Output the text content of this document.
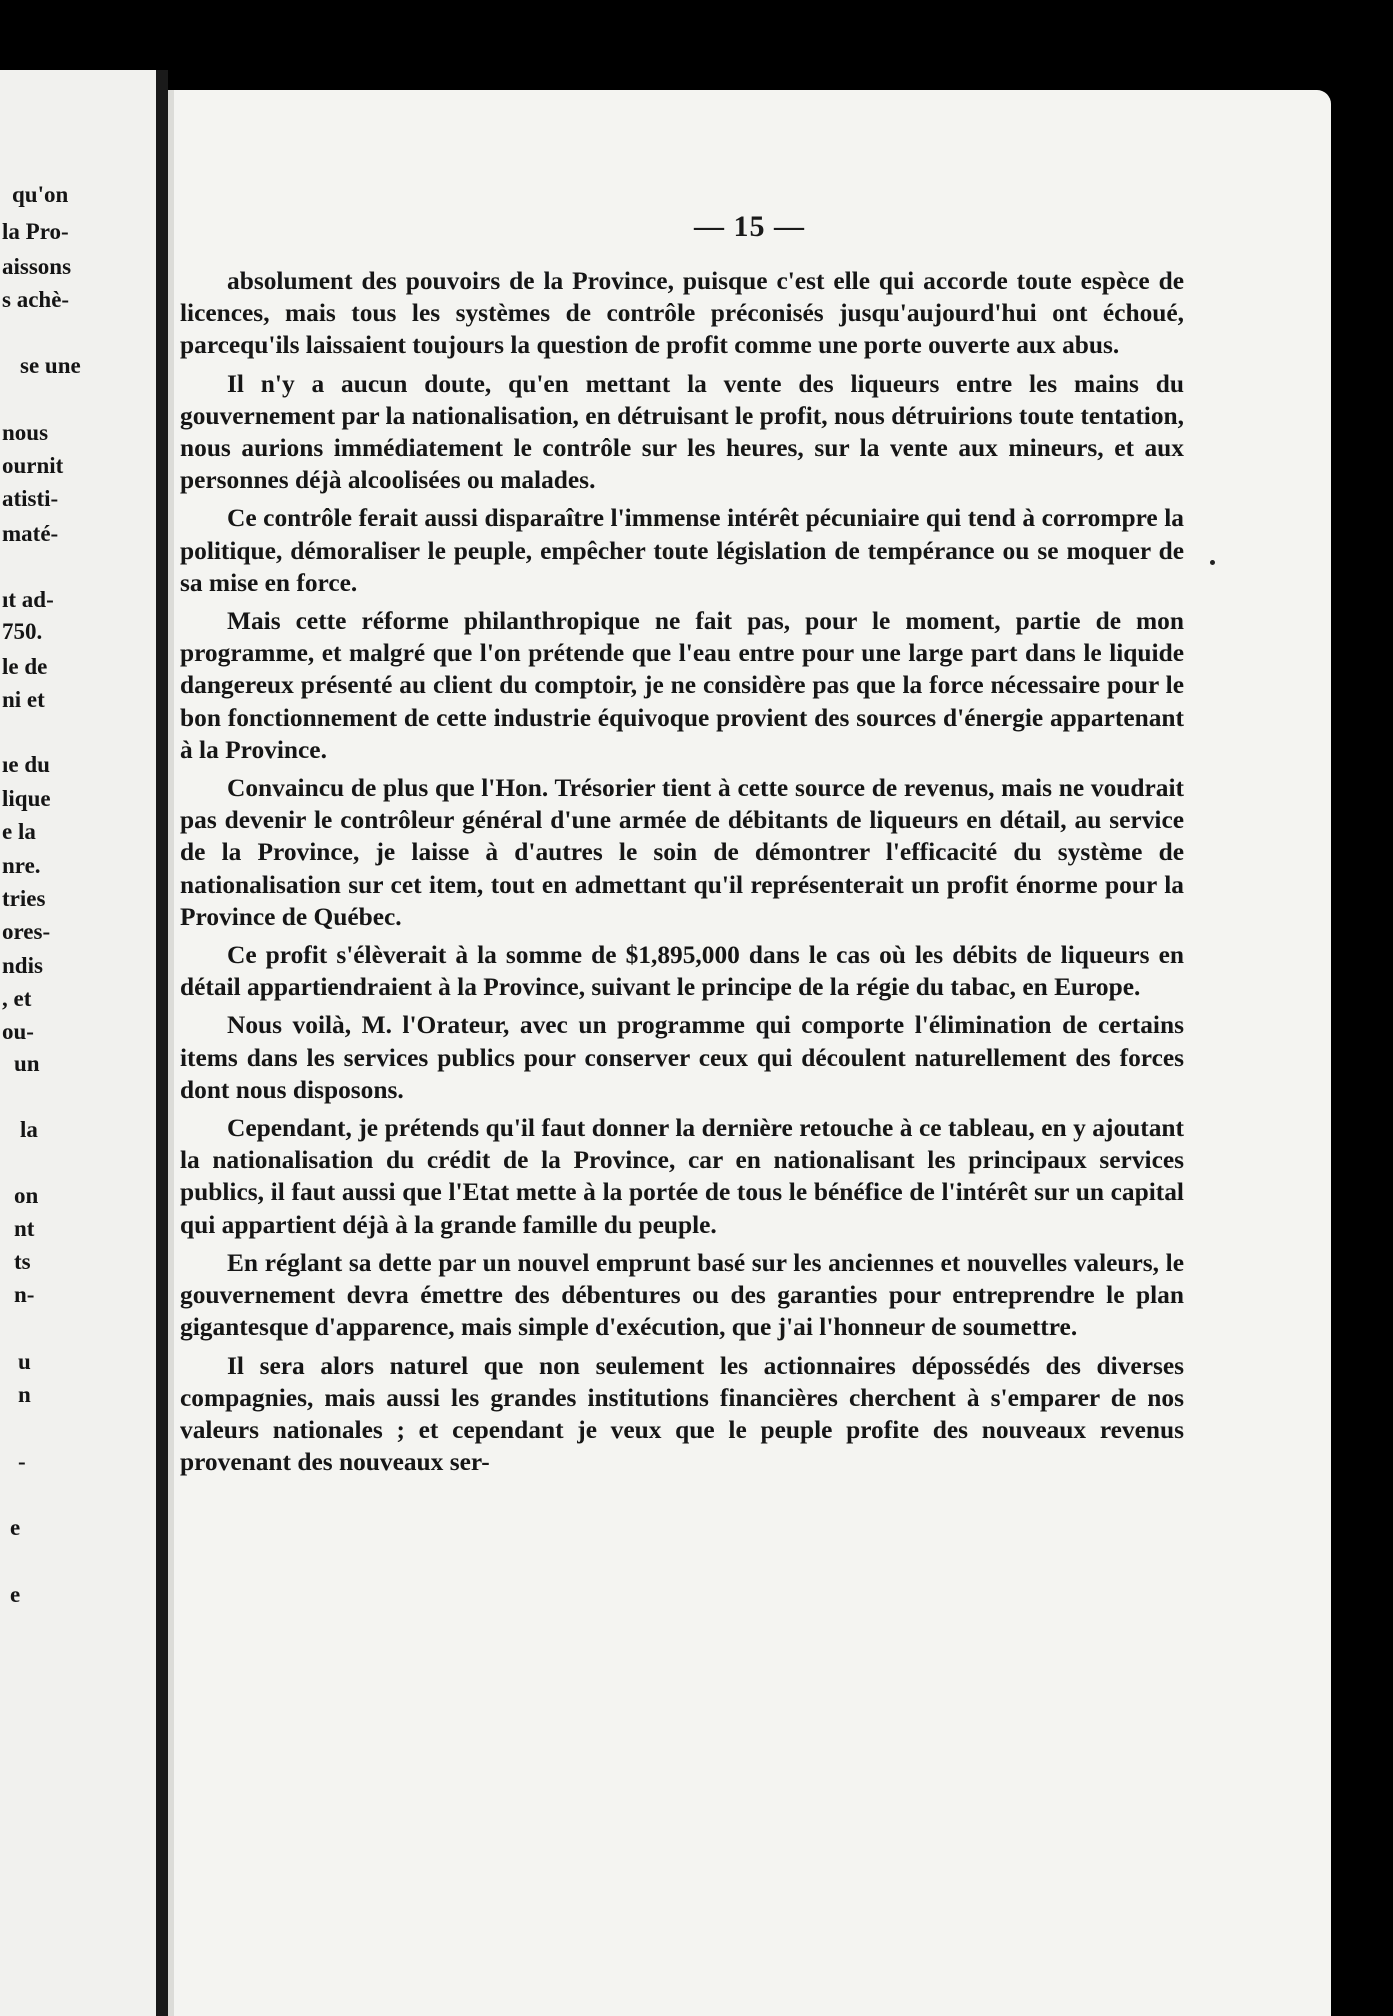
qu'on
la Pro-
aissons
s achè-
se une
nous
ournit
atisti-
maté-
ıt ad-
750.
le de
ni et
ıe du
lique
e la
nre.
tries
ores-
ndis
, et
ou-
un
la
on
nt
ts
n-
u
n
-
e
e
— 15 —

absolument des pouvoirs de la Province, puisque c'est elle qui accorde toute espèce de licences, mais tous les systèmes de contrôle préconisés jusqu'aujourd'hui ont échoué, parcequ'ils laissaient toujours la question de profit comme une porte ouverte aux abus.

Il n'y a aucun doute, qu'en mettant la vente des liqueurs entre les mains du gouvernement par la nationalisation, en détruisant le profit, nous détruirions toute tentation, nous aurions immédiatement le contrôle sur les heures, sur la vente aux mineurs, et aux personnes déjà alcoolisées ou malades.

Ce contrôle ferait aussi disparaître l'immense intérêt pécuniaire qui tend à corrompre la politique, démoraliser le peuple, empêcher toute législation de tempérance ou se moquer de sa mise en force.

Mais cette réforme philanthropique ne fait pas, pour le moment, partie de mon programme, et malgré que l'on prétende que l'eau entre pour une large part dans le liquide dangereux présenté au client du comptoir, je ne considère pas que la force nécessaire pour le bon fonctionnement de cette industrie équivoque provient des sources d'énergie appartenant à la Province.

Convaincu de plus que l'Hon. Trésorier tient à cette source de revenus, mais ne voudrait pas devenir le contrôleur général d'une armée de débitants de liqueurs en détail, au service de la Province, je laisse à d'autres le soin de démontrer l'efficacité du système de nationalisation sur cet item, tout en admettant qu'il représenterait un profit énorme pour la Province de Québec.

Ce profit s'élèverait à la somme de $1,895,000 dans le cas où les débits de liqueurs en détail appartiendraient à la Province, suivant le principe de la régie du tabac, en Europe.

Nous voilà, M. l'Orateur, avec un programme qui comporte l'élimination de certains items dans les services publics pour conserver ceux qui découlent naturellement des forces dont nous disposons.

Cependant, je prétends qu'il faut donner la dernière retouche à ce tableau, en y ajoutant la nationalisation du crédit de la Province, car en nationalisant les principaux services publics, il faut aussi que l'Etat mette à la portée de tous le bénéfice de l'intérêt sur un capital qui appartient déjà à la grande famille du peuple.

En réglant sa dette par un nouvel emprunt basé sur les anciennes et nouvelles valeurs, le gouvernement devra émettre des débentures ou des garanties pour entreprendre le plan gigantesque d'apparence, mais simple d'exécution, que j'ai l'honneur de soumettre.

Il sera alors naturel que non seulement les actionnaires dépossédés des diverses compagnies, mais aussi les grandes institutions financières cherchent à s'emparer de nos valeurs nationales ; et cependant je veux que le peuple profite des nouveaux revenus provenant des nouveaux ser-
